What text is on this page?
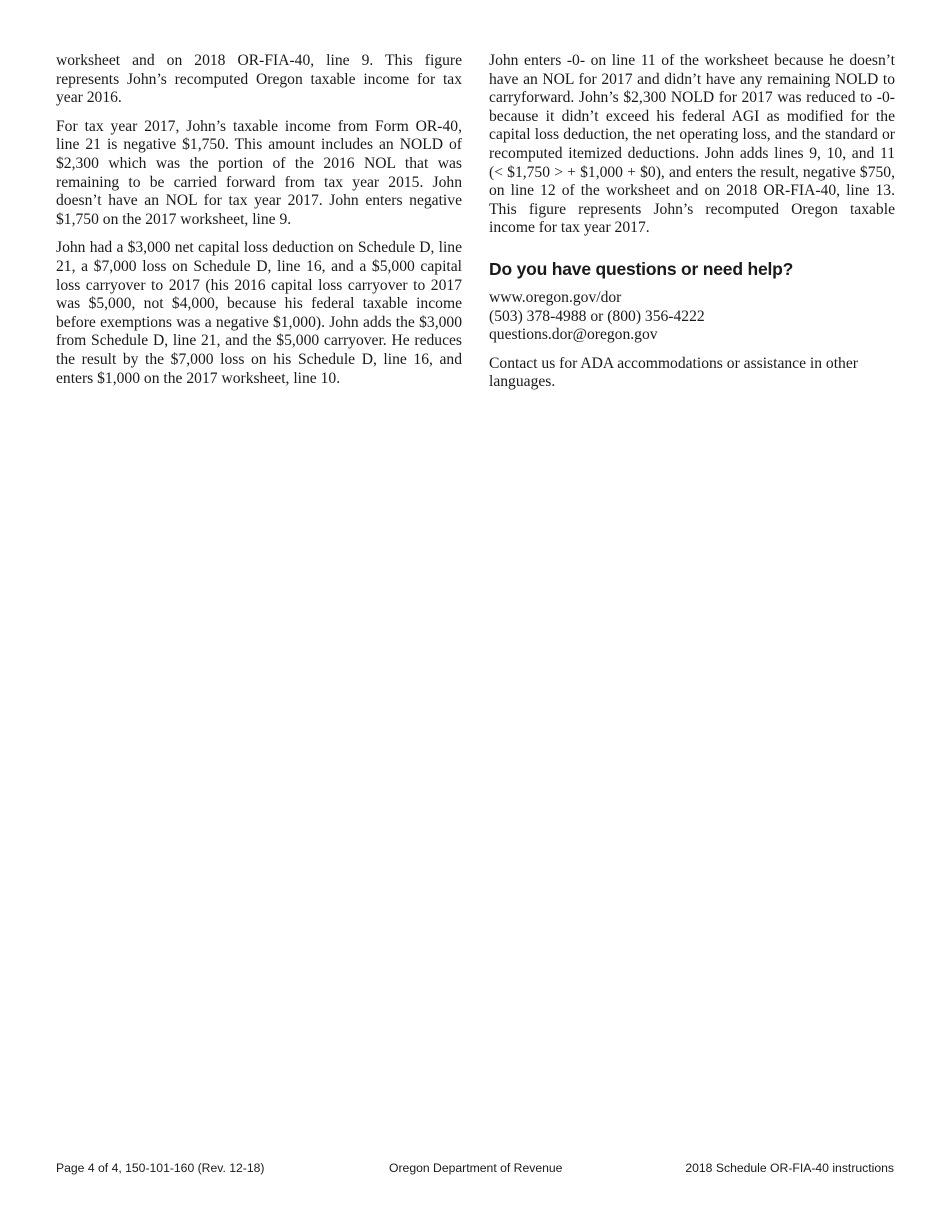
worksheet and on 2018 OR-FIA-40, line 9. This figure represents John’s recomputed Oregon taxable income for tax year 2016.

For tax year 2017, John’s taxable income from Form OR-40, line 21 is negative $1,750. This amount includes an NOLD of $2,300 which was the portion of the 2016 NOL that was remaining to be carried forward from tax year 2015. John doesn’t have an NOL for tax year 2017. John enters negative $1,750 on the 2017 worksheet, line 9.

John had a $3,000 net capital loss deduction on Schedule D, line 21, a $7,000 loss on Schedule D, line 16, and a $5,000 capital loss carryover to 2017 (his 2016 capital loss carryover to 2017 was $5,000, not $4,000, because his federal taxable income before exemptions was a negative $1,000). John adds the $3,000 from Schedule D, line 21, and the $5,000 carryover. He reduces the result by the $7,000 loss on his Schedule D, line 16, and enters $1,000 on the 2017 worksheet, line 10.

John enters -0- on line 11 of the worksheet because he doesn’t have an NOL for 2017 and didn’t have any remaining NOLD to carryforward. John’s $2,300 NOLD for 2017 was reduced to -0- because it didn’t exceed his federal AGI as modified for the capital loss deduction, the net operating loss, and the standard or recomputed itemized deductions. John adds lines 9, 10, and 11 (< $1,750 > + $1,000 + $0), and enters the result, negative $750, on line 12 of the worksheet and on 2018 OR-FIA-40, line 13. This figure represents John’s recomputed Oregon taxable income for tax year 2017.

Do you have questions or need help?
www.oregon.gov/dor
(503) 378-4988 or (800) 356-4222
questions.dor@oregon.gov

Contact us for ADA accommodations or assistance in other languages.

Page 4 of 4, 150-101-160 (Rev. 12-18)	Oregon Department of Revenue	2018 Schedule OR-FIA-40 instructions
